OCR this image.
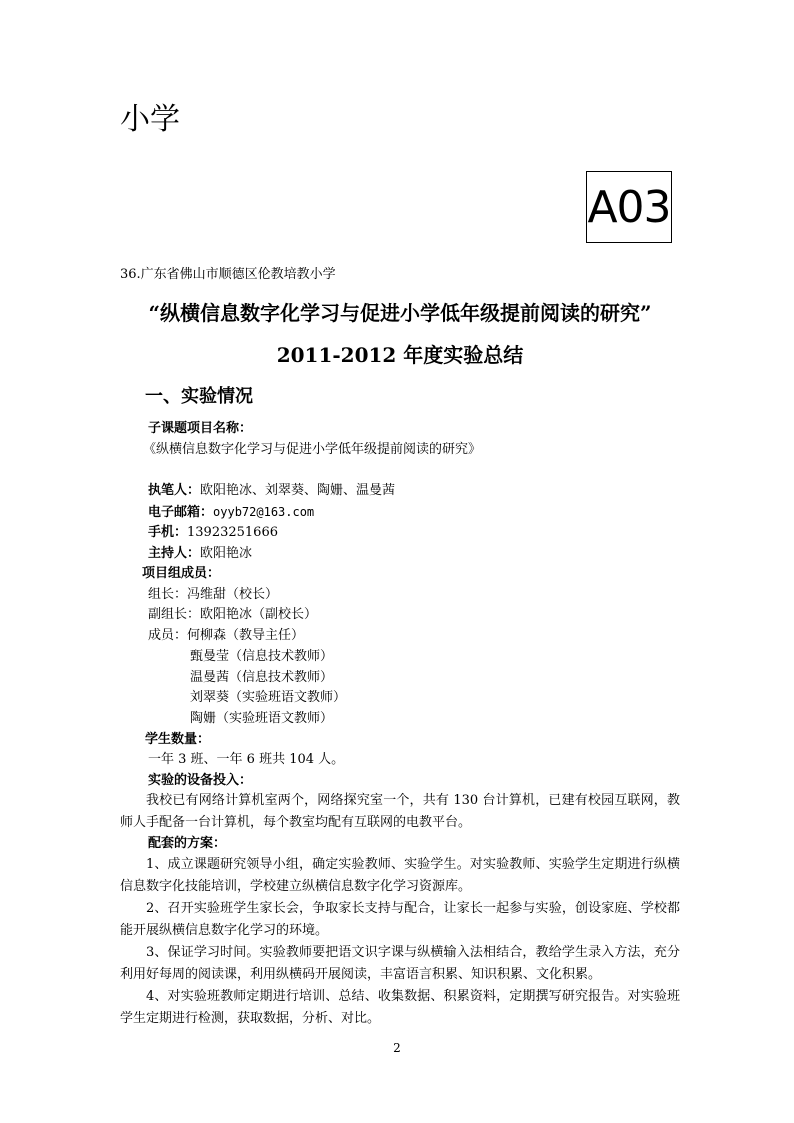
小学
A03
36.广东省佛山市顺德区伦教培教小学
“纵横信息数字化学习与促进小学低年级提前阅读的研究”
2011-2012 年度实验总结
一、实验情况
子课题项目名称：
《纵横信息数字化学习与促进小学低年级提前阅读的研究》
执笔人：欧阳艳冰、刘翠葵、陶姗、温曼茜
电子邮箱：oyyb72@163.com
手机：13923251666
主持人：欧阳艳冰
项目组成员：
组长：冯维甜（校长）
副组长：欧阳艳冰（副校长）
成员：何柳森（教导主任）
甄曼莹（信息技术教师）
温曼茜（信息技术教师）
刘翠葵（实验班语文教师）
陶姗（实验班语文教师）
学生数量：
一年 3 班、一年 6 班共 104 人。
实验的设备投入：
我校已有网络计算机室两个，网络探究室一个，共有 130 台计算机，已建有校园互联网，教师人手配备一台计算机，每个教室均配有互联网的电教平台。
配套的方案：
1、成立课题研究领导小组，确定实验教师、实验学生。对实验教师、实验学生定期进行纵横信息数字化技能培训，学校建立纵横信息数字化学习资源库。
2、召开实验班学生家长会，争取家长支持与配合，让家长一起参与实验，创设家庭、学校都能开展纵横信息数字化学习的环境。
3、保证学习时间。实验教师要把语文识字课与纵横输入法相结合，教给学生录入方法，充分利用好每周的阅读课，利用纵横码开展阅读，丰富语言积累、知识积累、文化积累。
4、对实验班教师定期进行培训、总结、收集数据、积累资料，定期撰写研究报告。对实验班学生定期进行检测，获取数据，分析、对比。
2
